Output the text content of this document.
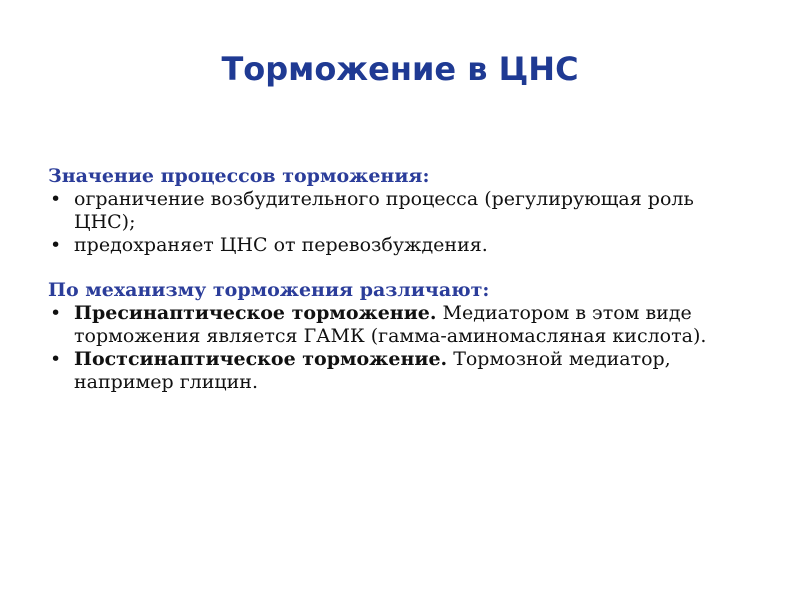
Торможение в ЦНС

Значение процессов торможения:

• ограничение возбудительного процесса (регулирующая роль ЦНС);
• предохраняет ЦНС от перевозбуждения.

По механизму торможения различают:

• Пресинаптическое торможение. Медиатором в этом виде торможения является ГАМК (гамма-аминомасляная кислота).
• Постсинаптическое торможение. Тормозной медиатор, например глицин.
